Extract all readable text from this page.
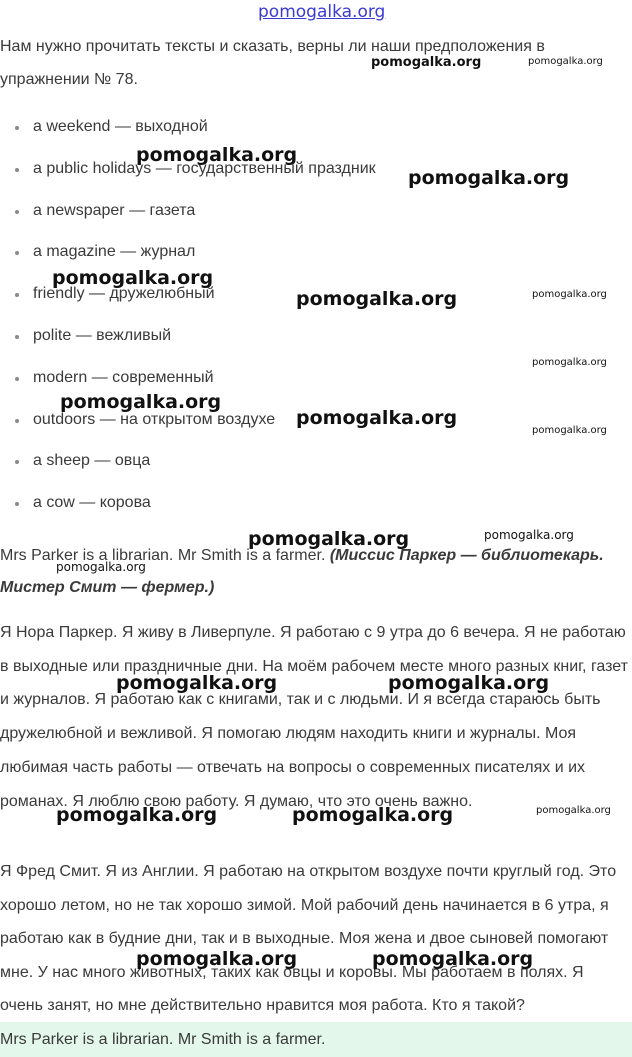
pomogalka.org
Нам нужно прочитать тексты и сказать, верны ли наши предположения в упражнении № 78.
a weekend — выходной
a public holidays — государственный праздник
a newspaper — газета
a magazine — журнал
friendly — дружелюбный
polite — вежливый
modern — современный
outdoors — на открытом воздухе
a sheep — овца
a cow — корова
Mrs Parker is a librarian. Mr Smith is a farmer. (Миссис Паркер — библиотекарь. Мистер Смит — фермер.)
Я Нора Паркер. Я живу в Ливерпуле. Я работаю с 9 утра до 6 вечера. Я не работаю в выходные или праздничные дни. На моём рабочем месте много разных книг, газет и журналов. Я работаю как с книгами, так и с людьми. И я всегда стараюсь быть дружелюбной и вежливой. Я помогаю людям находить книги и журналы. Моя любимая часть работы — отвечать на вопросы о современных писателях и их романах. Я люблю свою работу. Я думаю, что это очень важно.
Я Фред Смит. Я из Англии. Я работаю на открытом воздухе почти круглый год. Это хорошо летом, но не так хорошо зимой. Мой рабочий день начинается в 6 утра, я работаю как в будние дни, так и в выходные. Моя жена и двое сыновей помогают мне. У нас много животных, таких как овцы и коровы. Мы работаем в полях. Я очень занят, но мне действительно нравится моя работа. Кто я такой?
Mrs Parker is a librarian. Mr Smith is a farmer.
pomogalka.org	pomogalka.org
pomogalka.org
pomogalka.org
pomogalka.org
pomogalka.org	pomogalka.org
pomogalka.org
pomogalka.org
pomogalka.org
pomogalka.org
pomogalka.org	pomogalka.org
pomogalka.org
pomogalka.org	pomogalka.org
pomogalka.org	pomogalka.org	pomogalka.org
pomogalka.org	pomogalka.org
